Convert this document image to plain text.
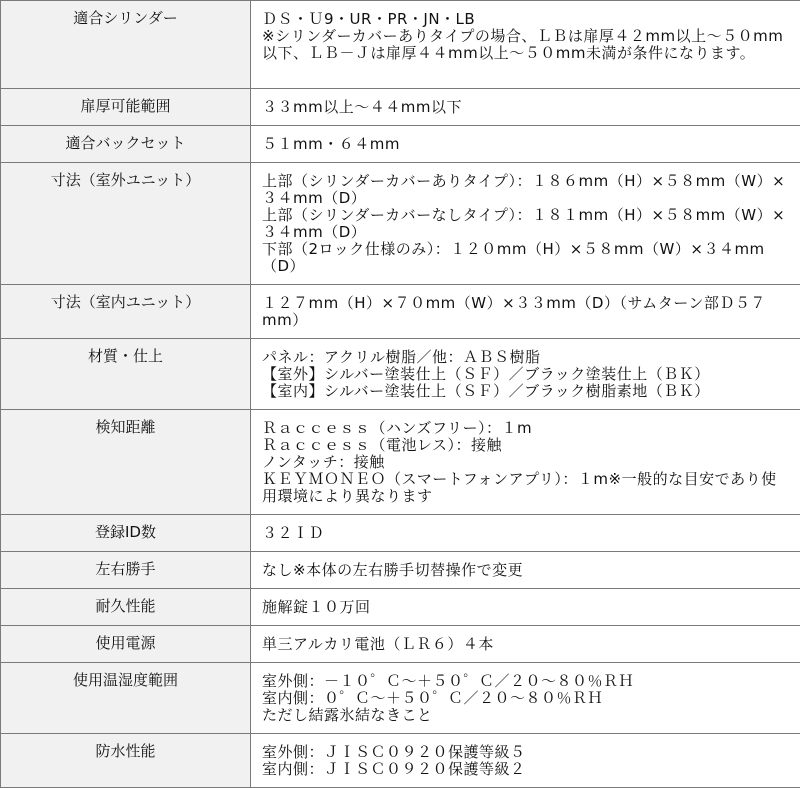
適合シリンダー	ＤＳ・Ｕ9・UR・PR・JN・LB
※シリンダーカバーありタイプの場合、ＬＢは扉厚４２mm以上～５０mm以下、ＬＢ－Ｊは扉厚４４mm以上～５０mm未満が条件になります。

扉厚可能範囲	３３mm以上～４４mm以下

適合バックセット	５１mm・６４mm

寸法（室外ユニット）	上部（シリンダーカバーありタイプ）：１８６mm（H）×５８mm（W）×３４mm（D）
上部（シリンダーカバーなしタイプ）：１８１mm（H）×５８mm（W）×３４mm（D）
下部（2ロック仕様のみ）：１２０mm（H）×５８mm（W）×３４mm（D）

寸法（室内ユニット）	１２７mm（H）×７０mm（W）×３３mm（D）（サムターン部Ｄ５７mm）

材質・仕上	パネル：アクリル樹脂／他：ＡＢＳ樹脂
【室外】シルバー塗装仕上（ＳＦ）／ブラック塗装仕上（ＢＫ）
【室内】シルバー塗装仕上（ＳＦ）／ブラック樹脂素地（ＢＫ）

検知距離	Ｒａｃｃｅｓｓ（ハンズフリー）：１m
Ｒａｃｃｅｓｓ（電池レス）：接触
ノンタッチ：接触
ＫＥＹＭＯＮＥＯ（スマートフォンアプリ）：１m※一般的な目安であり使用環境により異なります

登録ID数	３２ＩＤ

左右勝手	なし※本体の左右勝手切替操作で変更

耐久性能	施解錠１０万回

使用電源	単三アルカリ電池（ＬＲ６）４本

使用温湿度範囲	室外側：－１０゜Ｃ～＋５０゜Ｃ／２０～８０％ＲＨ
室内側：０゜Ｃ～＋５０゜Ｃ／２０～８０％ＲＨ
ただし結露氷結なきこと

防水性能	室外側：ＪＩＳＣ０９２０保護等級５
室内側：ＪＩＳＣ０９２０保護等級２
